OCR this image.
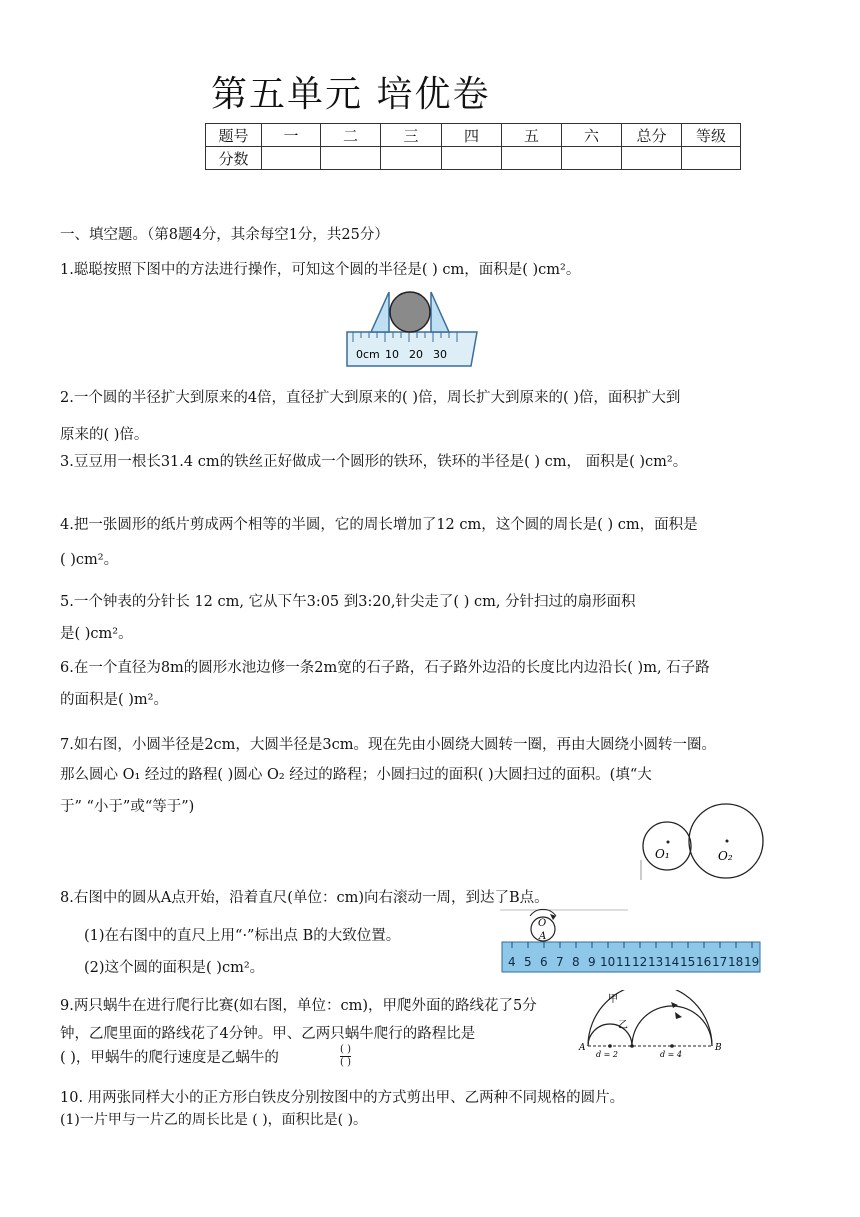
第五单元 培优卷
题号	一	二	三	四	五	六	总分	等级
分数								
一、填空题。（第8题4分，其余每空1分，共25分）
1.聪聪按照下图中的方法进行操作，可知这个圆的半径是( ) cm，面积是( )cm²。
0cm 10 20 30
2.一个圆的半径扩大到原来的4倍，直径扩大到原来的( )倍，周长扩大到原来的( )倍，面积扩大到
原来的( )倍。
3.豆豆用一根长31.4 cm的铁丝正好做成一个圆形的铁环，铁环的半径是( ) cm， 面积是( )cm²。
4.把一张圆形的纸片剪成两个相等的半圆，它的周长增加了12 cm，这个圆的周长是( ) cm，面积是
( )cm²。
5.一个钟表的分针长 12 cm, 它从下午3:05 到3:20,针尖走了( ) cm, 分针扫过的扇形面积
是( )cm²。
6.在一个直径为8m的圆形水池边修一条2m宽的石子路，石子路外边沿的长度比内边沿长( )m, 石子路
的面积是( )m²。
7.如右图，小圆半径是2cm，大圆半径是3cm。现在先由小圆绕大圆转一圈，再由大圆绕小圆转一圈。
那么圆心 O₁ 经过的路程( )圆心 O₂ 经过的路程；小圆扫过的面积( )大圆扫过的面积。(填“大
于” “小于”或“等于”)
O₁	O₂
8.右图中的圆从A点开始，沿着直尺(单位：cm)向右滚动一周，到达了B点。
(1)在右图中的直尺上用“·”标出点 B的大致位置。
(2)这个圆的面积是( )cm²。
O
A
4 5 6 7 8 9 10 11 12 13 14 15 16 17 18 19
9.两只蜗牛在进行爬行比赛(如右图，单位：cm)，甲爬外面的路线花了5分
钟，乙爬里面的路线花了4分钟。甲、乙两只蜗牛爬行的路程比是
( )，甲蜗牛的爬行速度是乙蜗牛的
( )
( )
甲
乙
A	B
d = 2	d = 4
10. 用两张同样大小的正方形白铁皮分别按图中的方式剪出甲、乙两种不同规格的圆片。
(1)一片甲与一片乙的周长比是 ( )，面积比是( )。
